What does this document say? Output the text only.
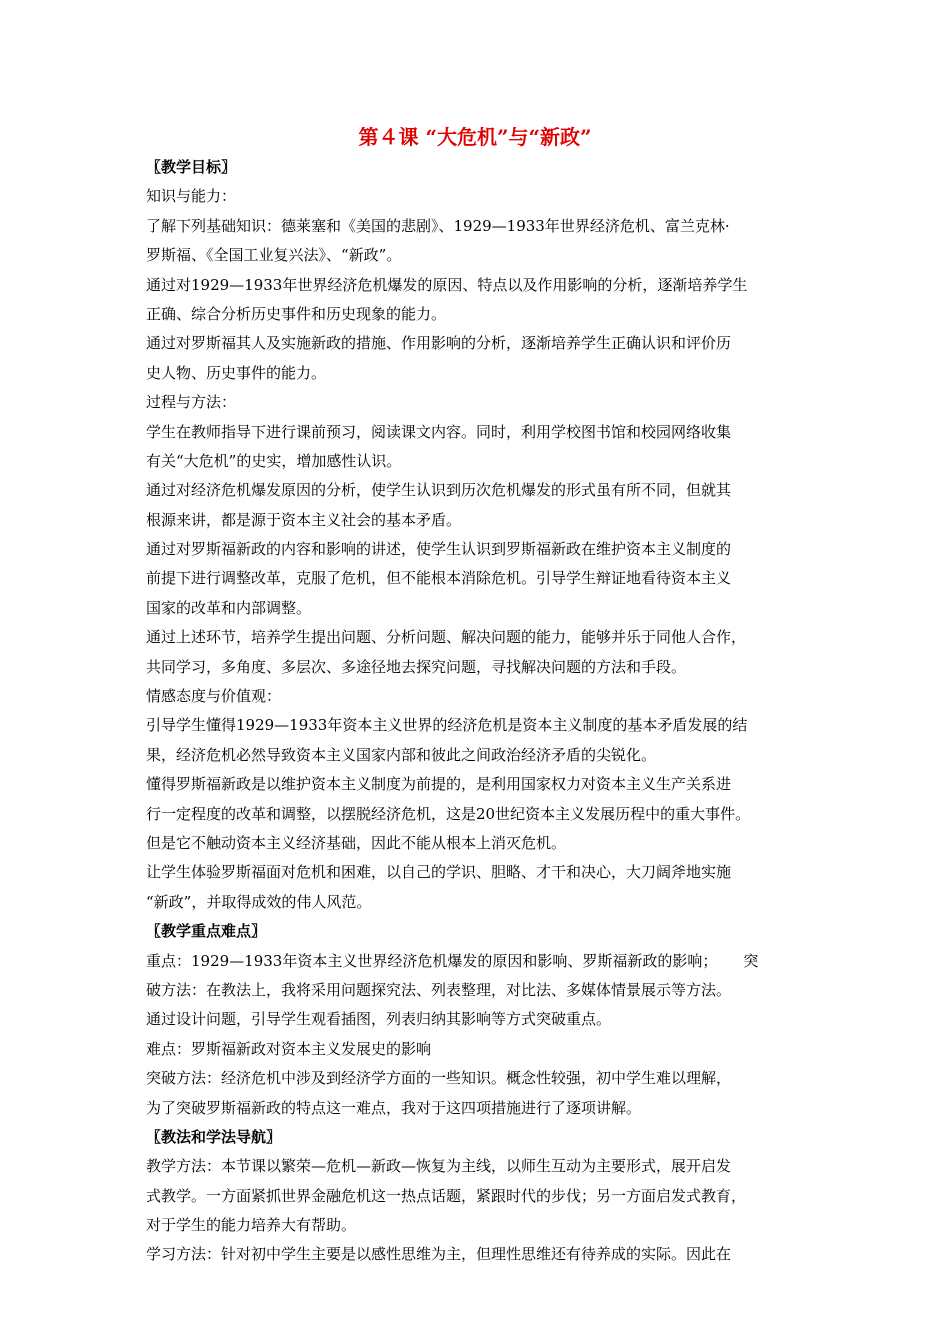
第４课 “大危机”与“新政”
〖教学目标〗
知识与能力：
了解下列基础知识：德莱塞和《美国的悲剧》、1929—1933年世界经济危机、富兰克林·
罗斯福、《全国工业复兴法》、“新政”。
通过对1929—1933年世界经济危机爆发的原因、特点以及作用影响的分析，逐渐培养学生
正确、综合分析历史事件和历史现象的能力。
通过对罗斯福其人及实施新政的措施、作用影响的分析，逐渐培养学生正确认识和评价历
史人物、历史事件的能力。
过程与方法：
学生在教师指导下进行课前预习，阅读课文内容。同时，利用学校图书馆和校园网络收集
有关“大危机”的史实，增加感性认识。
通过对经济危机爆发原因的分析，使学生认识到历次危机爆发的形式虽有所不同，但就其
根源来讲，都是源于资本主义社会的基本矛盾。
通过对罗斯福新政的内容和影响的讲述，使学生认识到罗斯福新政在维护资本主义制度的
前提下进行调整改革，克服了危机，但不能根本消除危机。引导学生辩证地看待资本主义
国家的改革和内部调整。
通过上述环节，培养学生提出问题、分析问题、解决问题的能力，能够并乐于同他人合作，
共同学习，多角度、多层次、多途径地去探究问题，寻找解决问题的方法和手段。
情感态度与价值观：
引导学生懂得1929—1933年资本主义世界的经济危机是资本主义制度的基本矛盾发展的结
果，经济危机必然导致资本主义国家内部和彼此之间政治经济矛盾的尖锐化。
懂得罗斯福新政是以维护资本主义制度为前提的，是利用国家权力对资本主义生产关系进
行一定程度的改革和调整，以摆脱经济危机，这是20世纪资本主义发展历程中的重大事件。
但是它不触动资本主义经济基础，因此不能从根本上消灭危机。
让学生体验罗斯福面对危机和困难，以自己的学识、胆略、才干和决心，大刀阔斧地实施
“新政”，并取得成效的伟人风范。
〖教学重点难点〗
重点：1929—1933年资本主义世界经济危机爆发的原因和影响、罗斯福新政的影响； 突
破方法：在教法上，我将采用问题探究法、列表整理，对比法、多媒体情景展示等方法。
通过设计问题，引导学生观看插图，列表归纳其影响等方式突破重点。
难点：罗斯福新政对资本主义发展史的影响
突破方法：经济危机中涉及到经济学方面的一些知识。概念性较强，初中学生难以理解，
为了突破罗斯福新政的特点这一难点，我对于这四项措施进行了逐项讲解。
〖教法和学法导航〗
教学方法：本节课以繁荣—危机—新政—恢复为主线，以师生互动为主要形式，展开启发
式教学。一方面紧抓世界金融危机这一热点话题，紧跟时代的步伐；另一方面启发式教育，
对于学生的能力培养大有帮助。
学习方法：针对初中学生主要是以感性思维为主，但理性思维还有待养成的实际。因此在
